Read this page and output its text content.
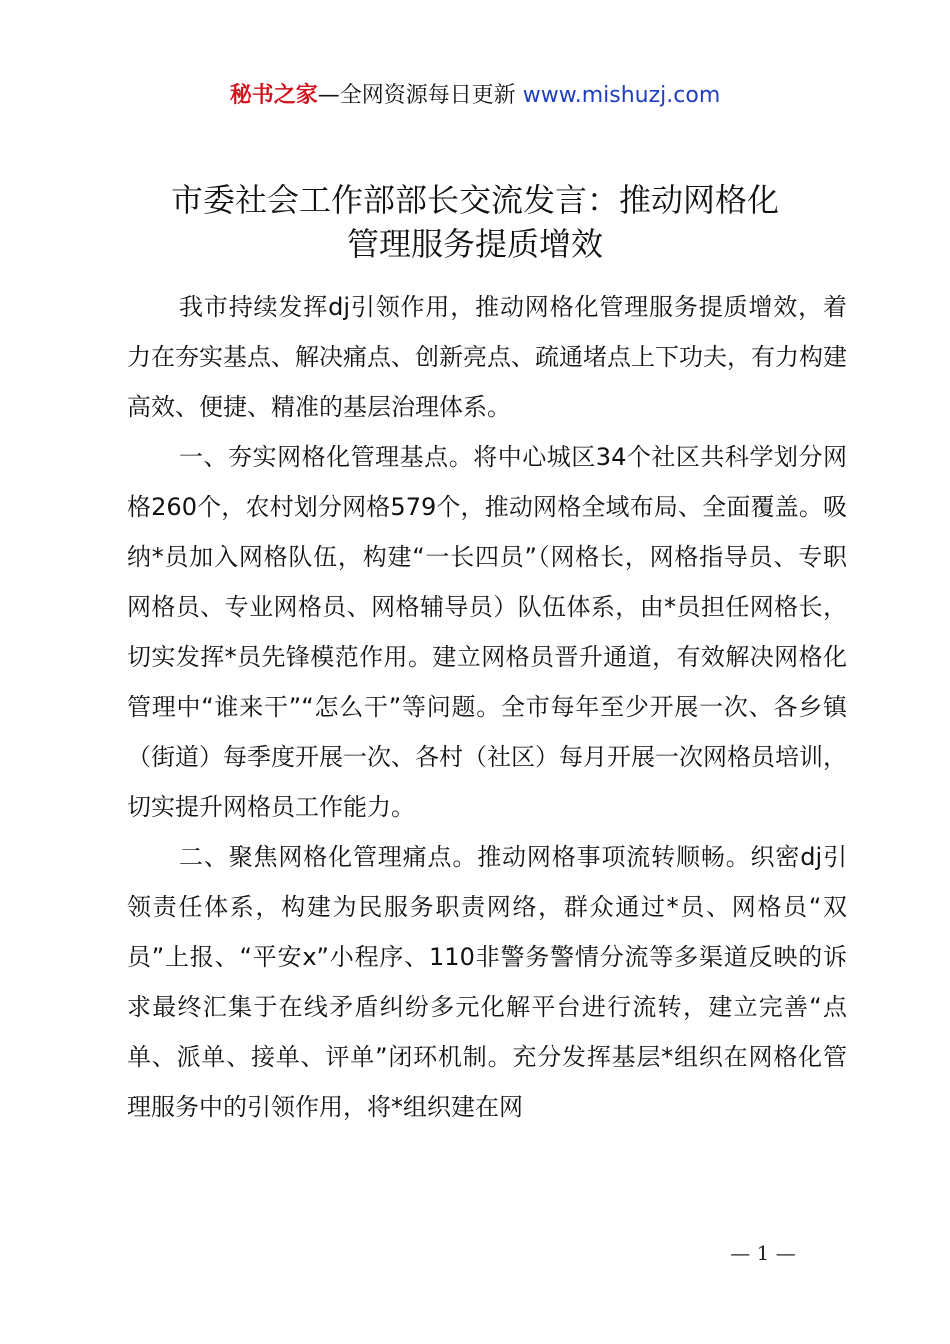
秘书之家—全网资源每日更新 www.mishuzj.com
市委社会工作部部长交流发言：推动网格化
管理服务提质增效

我市持续发挥dj引领作用，推动网格化管理服务提质增效，着力在夯实基点、解决痛点、创新亮点、疏通堵点上下功夫，有力构建高效、便捷、精准的基层治理体系。

一、夯实网格化管理基点。将中心城区34个社区共科学划分网格260个，农村划分网格579个，推动网格全域布局、全面覆盖。吸纳*员加入网格队伍，构建“一长四员”（网格长，网格指导员、专职网格员、专业网格员、网格辅导员）队伍体系，由*员担任网格长，切实发挥*员先锋模范作用。建立网格员晋升通道，有效解决网格化管理中“谁来干”“怎么干”等问题。全市每年至少开展一次、各乡镇（街道）每季度开展一次、各村（社区）每月开展一次网格员培训，切实提升网格员工作能力。

二、聚焦网格化管理痛点。推动网格事项流转顺畅。织密dj引领责任体系，构建为民服务职责网络，群众通过*员、网格员“双员”上报、“平安x”小程序、110非警务警情分流等多渠道反映的诉求最终汇集于在线矛盾纠纷多元化解平台进行流转，建立完善“点单、派单、接单、评单”闭环机制。充分发挥基层*组织在网格化管理服务中的引领作用，将*组织建在网

— 1 —
